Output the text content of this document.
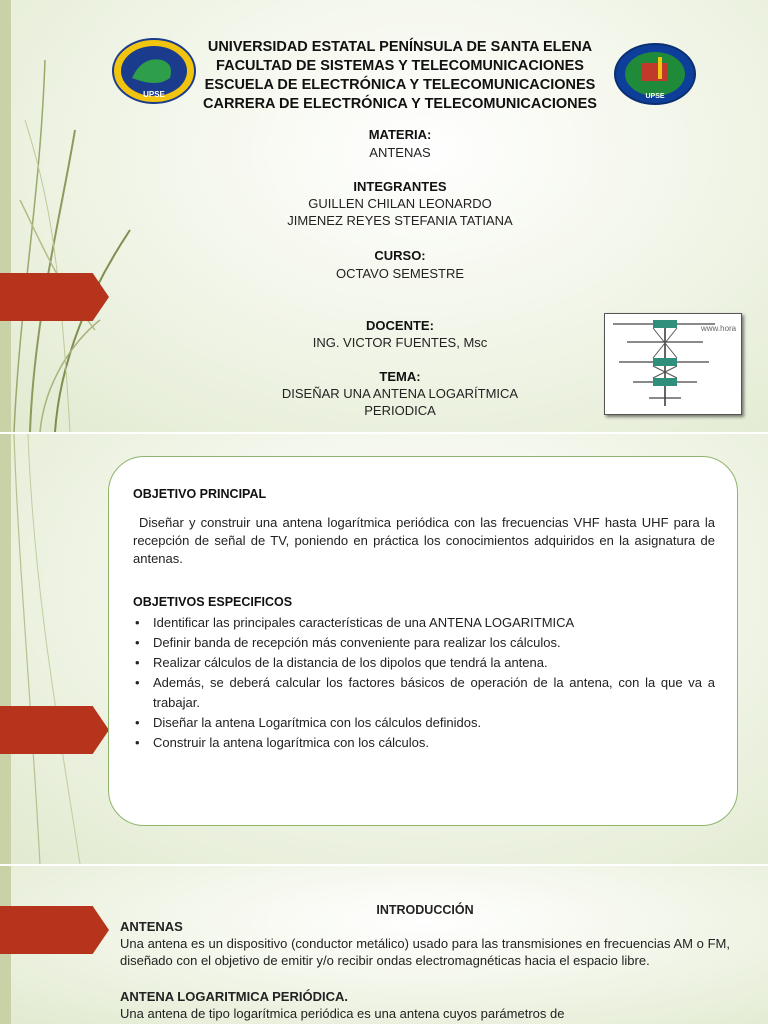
UPSE	UPSE
UNIVERSIDAD ESTATAL PENÍNSULA DE SANTA ELENA
FACULTAD DE SISTEMAS Y TELECOMUNICACIONES
ESCUELA DE ELECTRÓNICA Y TELECOMUNICACIONES
CARRERA DE ELECTRÓNICA Y TELECOMUNICACIONES
MATERIA:
ANTENAS
INTEGRANTES
GUILLEN CHILAN LEONARDO
JIMENEZ REYES STEFANIA TATIANA
CURSO:
OCTAVO SEMESTRE
DOCENTE:
ING. VICTOR FUENTES, Msc
TEMA:
DISEÑAR UNA ANTENA LOGARÍTMICA
PERIODICA
www.hora
OBJETIVO PRINCIPAL
Diseñar y construir una antena logarítmica periódica con las frecuencias VHF hasta UHF para la recepción de señal de TV, poniendo en práctica los conocimientos adquiridos en la asignatura de antenas.
OBJETIVOS ESPECIFICOS
• Identificar las principales características de una ANTENA LOGARITMICA
• Definir banda de recepción más conveniente para realizar los cálculos.
• Realizar cálculos de la distancia de los dipolos que tendrá la antena.
• Además, se deberá calcular los factores básicos de operación de la antena, con la que va a trabajar.
• Diseñar la antena Logarítmica con los cálculos definidos.
• Construir la antena logarítmica con los cálculos.
INTRODUCCIÓN
ANTENAS
Una antena es un dispositivo (conductor metálico) usado para las transmisiones en frecuencias AM o FM, diseñado con el objetivo de emitir y/o recibir ondas electromagnéticas hacia el espacio libre.
ANTENA LOGARITMICA PERIÓDICA.
Una antena de tipo logarítmica periódica es una antena cuyos parámetros de
